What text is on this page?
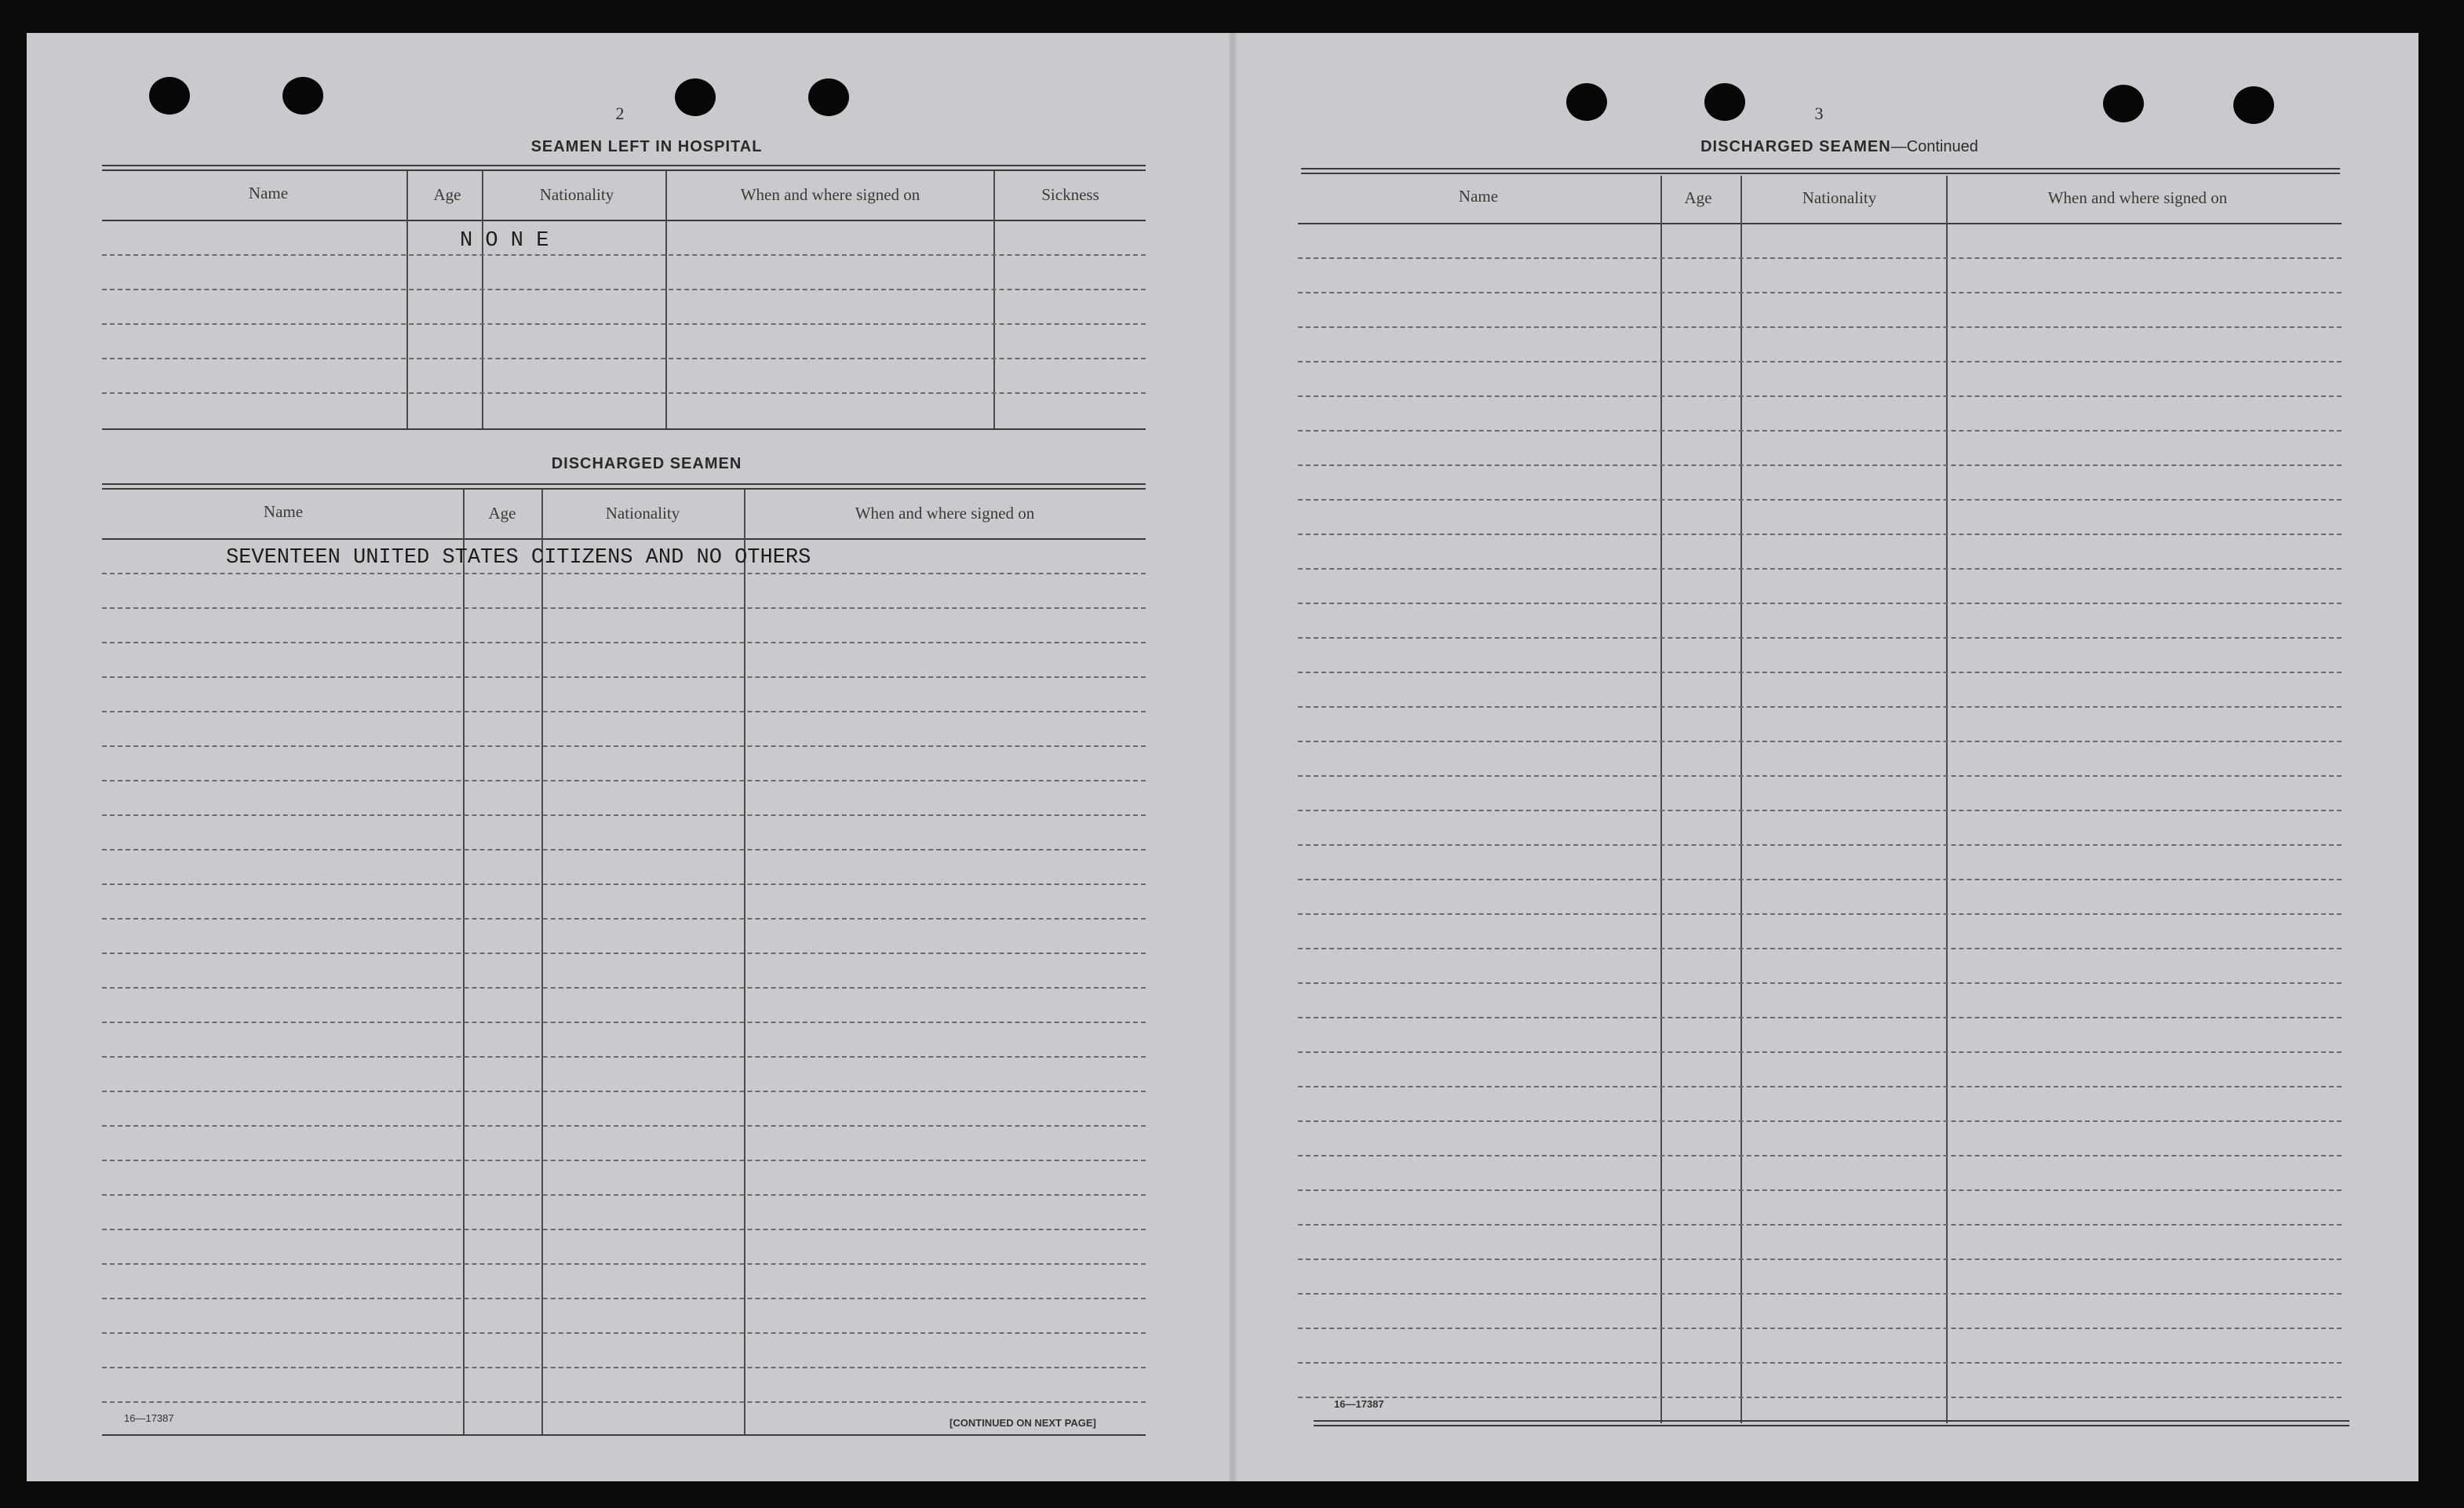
2
SEAMEN LEFT IN HOSPITAL
Name	Age	Nationality	When and where signed on	Sickness
N O N E
DISCHARGED SEAMEN
Name	Age	Nationality	When and where signed on
SEVENTEEN UNITED STATES CITIZENS AND NO OTHERS
16—17387	[CONTINUED ON NEXT PAGE]
3
DISCHARGED SEAMEN—Continued
Name	Age	Nationality	When and where signed on
16—17387
